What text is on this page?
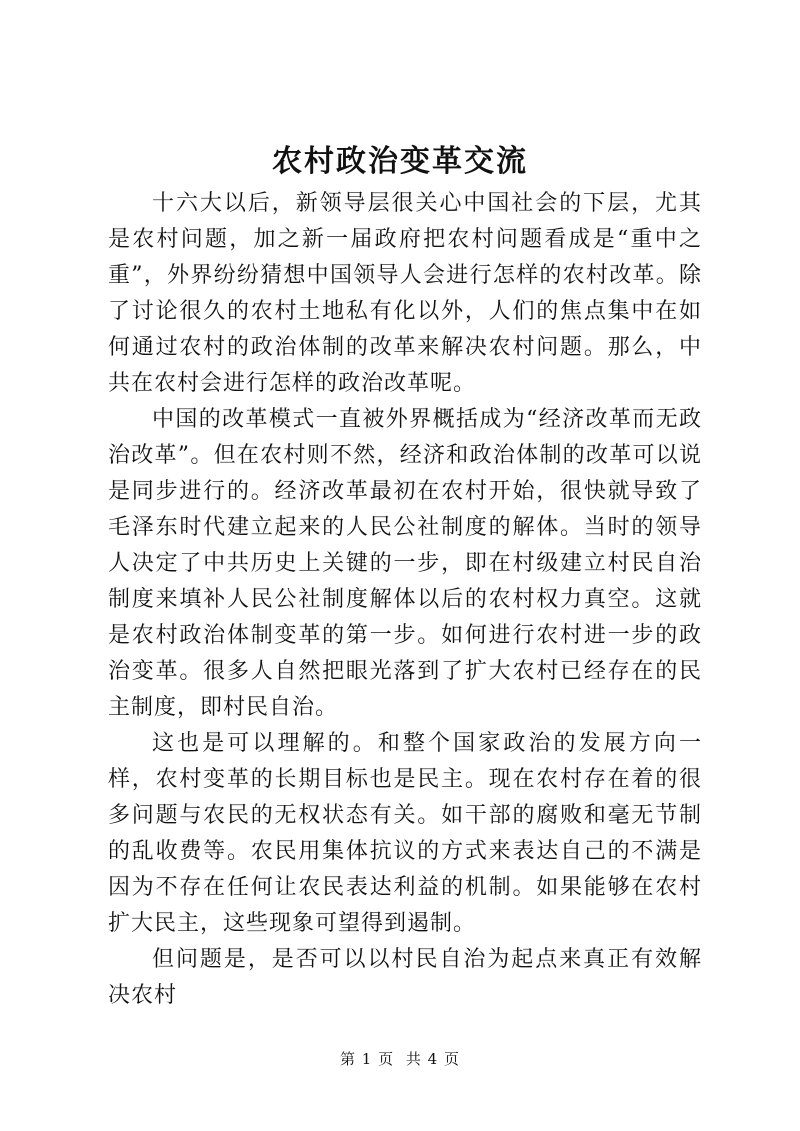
农村政治变革交流

十六大以后，新领导层很关心中国社会的下层，尤其是农村问题，加之新一届政府把农村问题看成是“重中之重”，外界纷纷猜想中国领导人会进行怎样的农村改革。除了讨论很久的农村土地私有化以外，人们的焦点集中在如何通过农村的政治体制的改革来解决农村问题。那么，中共在农村会进行怎样的政治改革呢。

中国的改革模式一直被外界概括成为“经济改革而无政治改革”。但在农村则不然，经济和政治体制的改革可以说是同步进行的。经济改革最初在农村开始，很快就导致了毛泽东时代建立起来的人民公社制度的解体。当时的领导人决定了中共历史上关键的一步，即在村级建立村民自治制度来填补人民公社制度解体以后的农村权力真空。这就是农村政治体制变革的第一步。如何进行农村进一步的政治变革。很多人自然把眼光落到了扩大农村已经存在的民主制度，即村民自治。

这也是可以理解的。和整个国家政治的发展方向一样，农村变革的长期目标也是民主。现在农村存在着的很多问题与农民的无权状态有关。如干部的腐败和毫无节制的乱收费等。农民用集体抗议的方式来表达自己的不满是因为不存在任何让农民表达利益的机制。如果能够在农村扩大民主，这些现象可望得到遏制。

但问题是，是否可以以村民自治为起点来真正有效解决农村

第 1 页 共 4 页
